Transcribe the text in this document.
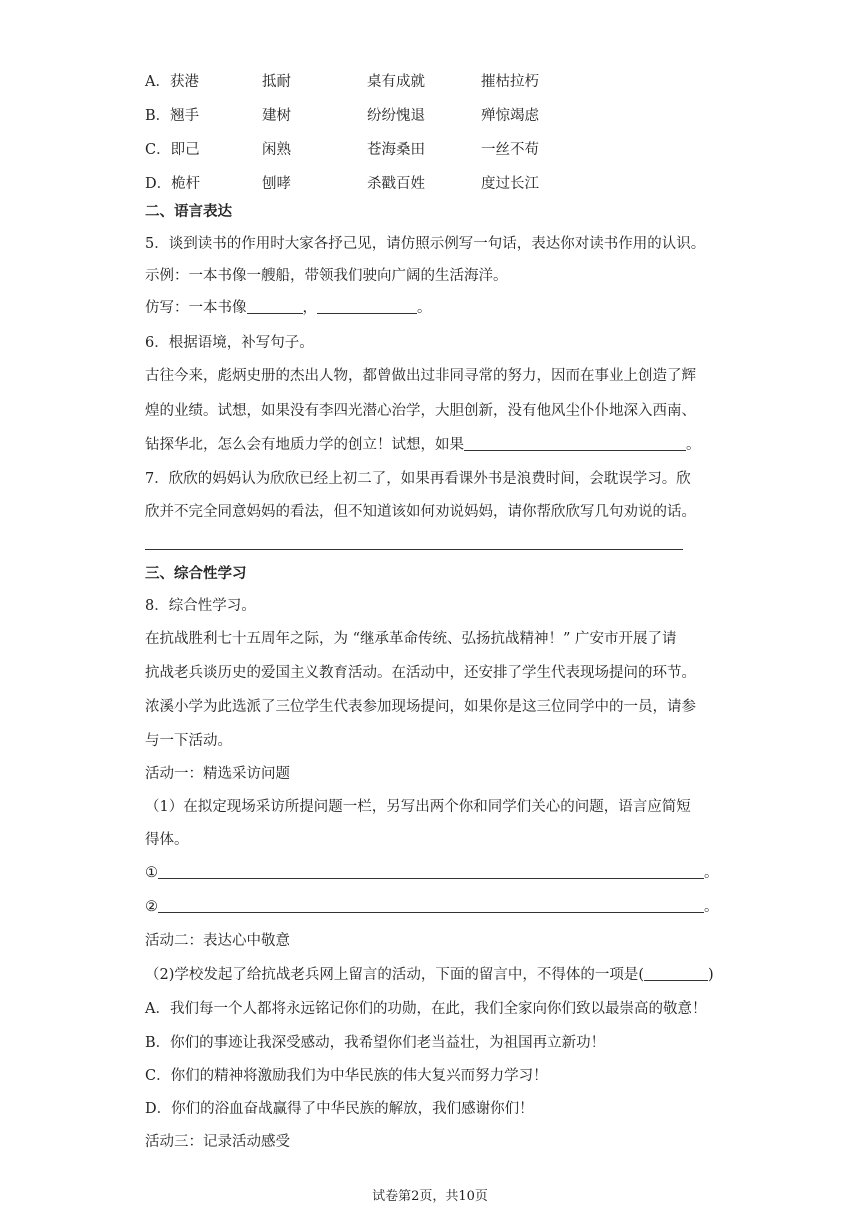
A．获港	抵耐	桌有成就	摧枯拉朽
B．翘手	建树	纷纷愧退	殚惊竭虑
C．即己	闲熟	苍海桑田	一丝不苟
D．桅杆	刨哮	杀戳百姓	度过长江
二、语言表达
5．谈到读书的作用时大家各抒己见，请仿照示例写一句话，表达你对读书作用的认识。
示例：一本书像一艘船，带领我们驶向广阔的生活海洋。
仿写：一本书像	，	。
6．根据语境，补写句子。
古往今来，彪炳史册的杰出人物，都曾做出过非同寻常的努力，因而在事业上创造了辉
煌的业绩。试想，如果没有李四光潜心治学，大胆创新，没有他风尘仆仆地深入西南、
钻探华北，怎么会有地质力学的创立！试想，如果	。
7．欣欣的妈妈认为欣欣已经上初二了，如果再看课外书是浪费时间，会耽误学习。欣
欣并不完全同意妈妈的看法，但不知道该如何劝说妈妈，请你帮欣欣写几句劝说的话。
三、综合性学习
8．综合性学习。
在抗战胜利七十五周年之际，为 “继承革命传统、弘扬抗战精神！” 广安市开展了请
抗战老兵谈历史的爱国主义教育活动。在活动中，还安排了学生代表现场提问的环节。
浓溪小学为此选派了三位学生代表参加现场提问，如果你是这三位同学中的一员，请参
与一下活动。
活动一：精选采访问题
（1）在拟定现场采访所提问题一栏，另写出两个你和同学们关心的问题，语言应简短
得体。
①	。
②	。
活动二：表达心中敬意
（2)学校发起了给抗战老兵网上留言的活动，下面的留言中，不得体的一项是(	)
A．我们每一个人都将永远铭记你们的功勋，在此，我们全家向你们致以最崇高的敬意！
B．你们的事迹让我深受感动，我希望你们老当益壮，为祖国再立新功！
C．你们的精神将激励我们为中华民族的伟大复兴而努力学习！
D．你们的浴血奋战赢得了中华民族的解放，我们感谢你们！
活动三：记录活动感受
试卷第2页，共10页
